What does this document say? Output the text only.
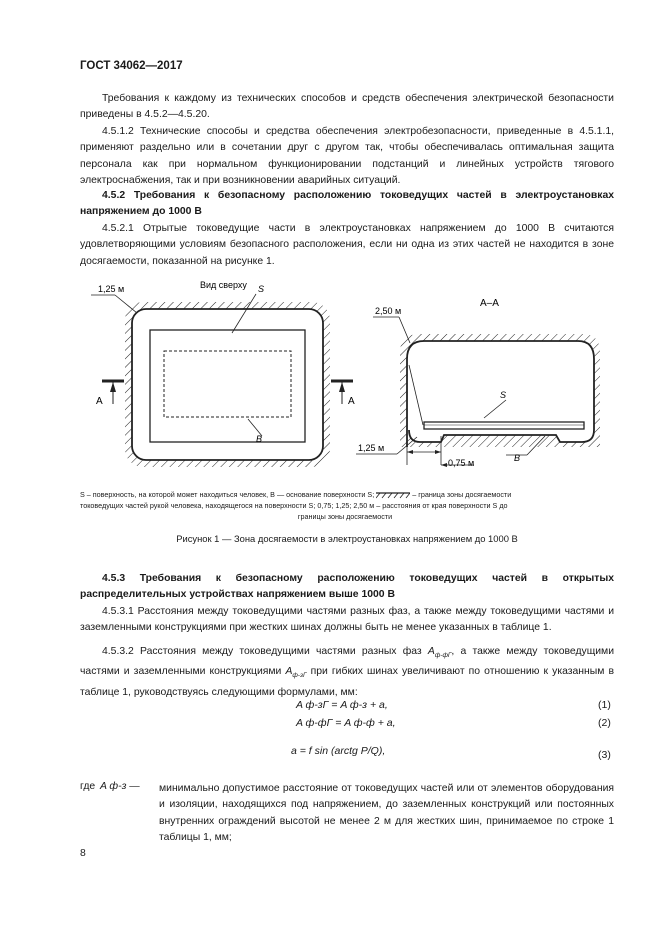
ГОСТ 34062—2017
Требования к каждому из технических способов и средств обеспечения электрической безопасности приведены в 4.5.2—4.5.20.
4.5.1.2 Технические способы и средства обеспечения электробезопасности, приведенные в 4.5.1.1, применяют раздельно или в сочетании друг с другом так, чтобы обеспечивалась оптимальная защита персонала как при нормальном функционировании подстанций и линейных устройств тягового электроснабжения, так и при возникновении аварийных ситуаций.
4.5.2 Требования к безопасному расположению токоведущих частей в электроустановках напряжением до 1000 В
4.5.2.1 Отрытые токоведущие части в электроустановках напряжением до 1000 В считаются удовлетворяющими условиям безопасного расположения, если ни одна из этих частей не находится в зоне досягаемости, показанной на рисунке 1.
Вид сверху
1,25 м	S
B
A	A
A–A
2,50 м
1,25 м
0,75 м
S
B
S – поверхность, на которой может находиться человек, B — основание поверхности S;	– граница зоны досягаемости
токоведущих частей рукой человека, находящегося на поверхности S; 0,75; 1,25; 2,50 м – расстояния от края поверхности S до
границы зоны досягаемости
Рисунок 1 — Зона досягаемости в электроустановках напряжением до 1000 В
4.5.3 Требования к безопасному расположению токоведущих частей в открытых распределительных устройствах напряжением выше 1000 В
4.5.3.1 Расстояния между токоведущими частями разных фаз, а также между токоведущими частями и заземленными конструкциями при жестких шинах должны быть не менее указанных в таблице 1.
4.5.3.2 Расстояния между токоведущими частями разных фаз $A_{ф-фГ}$, а также между токоведущими частями и заземленными конструкциями $A_{ф-зГ}$ при гибких шинах увеличивают по отношению к указанным в таблице 1, руководствуясь следующими формулами, мм:
A ф-зГ = A ф-з + a,	(1)
A ф-фГ = A ф-ф + a,	(2)
a = f sin (arctg P/Q),	(3)
где A ф-з — минимально допустимое расстояние от токоведущих частей или от элементов оборудования и изоляции, находящихся под напряжением, до заземленных конструкций или постоянных внутренних ограждений высотой не менее 2 м для жестких шин, принимаемое по строке 1 таблицы 1, мм;
8
